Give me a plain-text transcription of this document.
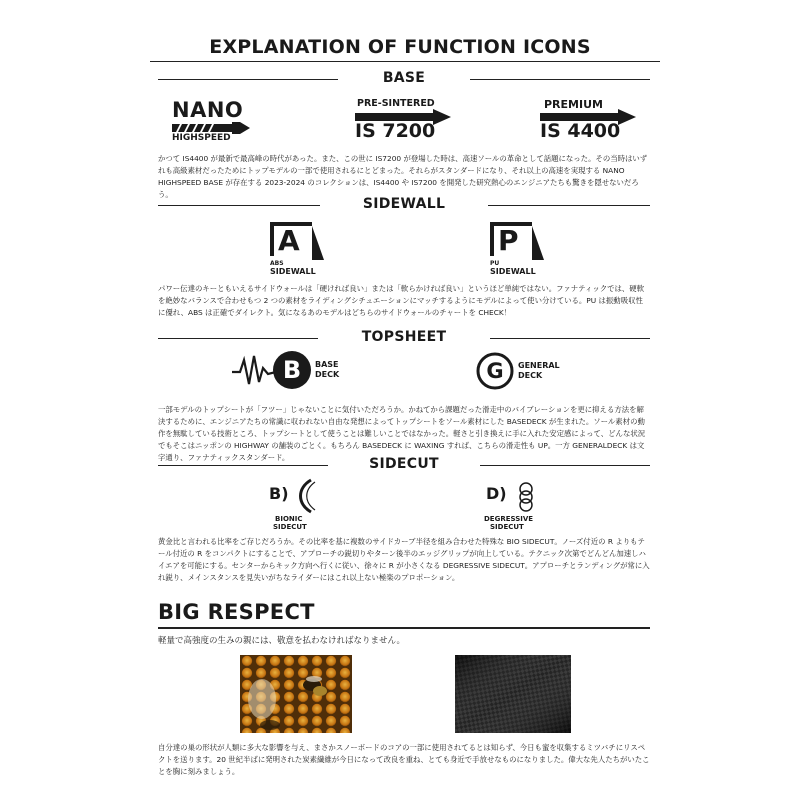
EXPLANATION OF FUNCTION ICONS
BASE
NANO
HIGHSPEED
PRE-SINTERED
IS 7200
PREMIUM
IS 4400
かつて IS4400 が最新で最高峰の時代があった。また、この世に IS7200 が登場した時は、高速ソールの革命として話題になった。その当時はいずれも高級素材だったためにトップモデルの一部で使用されるにとどまった。それらがスタンダードになり、それ以上の高速を実現する NANO HIGHSPEED BASE が存在する 2023-2024 のコレクションは、IS4400 や IS7200 を開発した研究熱心のエンジニアたちも驚きを隠せないだろう。
SIDEWALL
A
ABS
SIDEWALL
P
PU
SIDEWALL
パワー伝達のキーともいえるサイドウォールは「硬ければ良い」または「軟らかければ良い」というほど単純ではない。ファナティックでは、硬軟を絶妙なバランスで合わせもつ 2 つの素材をライディングシチュエーションにマッチするようにモデルによって使い分けている。PU は振動吸収性に優れ、ABS は正確でダイレクト。気になるあのモデルはどちらのサイドウォールのチャートを CHECK！
TOPSHEET
B	BASE
DECK	G	GENERAL
DECK
一部モデルのトップシートが「フツー」じゃないことに気付いただろうか。かねてから課題だった滑走中のバイブレーションを更に抑える方法を解決するために、エンジニアたちの常識に収われない自由な発想によってトップシートをソール素材にした BASEDECK が生まれた。ソール素材の動作を無駄している技術ところ、トップシートとして使うことは難しいことではなかった。軽さと引き換えに手に入れた安定感によって、どんな状況でもそこはニッポンの HIGHWAY の舗装のごとく。もちろん BASEDECK に WAXING すれば、こちらの滑走性も UP。一方 GENERALDECK は文字通り、ファナティックスタンダード。	SIDECUT
B)
BIONIC
SIDECUT
D)
DEGRESSIVE
SIDECUT
黄金比と言われる比率をご存じだろうか。その比率を基に複数のサイドカーブ半径を組み合わせた特殊な BIO SIDECUT。ノーズ付近の R よりもテール付近の R をコンパクトにすることで、アプローチの鋭切りやターン後半のエッジグリップが向上している。テクニック次第でどんどん加速しハイエアを可能にする。センターからキック方向へ行くに従い、徐々に R が小さくなる DEGRESSIVE SIDECUT。アプローチとランディングが常に入れ鋭り、メインスタンスを見失いがちなライダーにはこれ以上ない極楽のプロポーション。
BIG RESPECT
軽量で高強度の生みの親には、敬意を払わなければなりません。
自分達の巣の形状が人類に多大な影響を与え、まさかスノーボードのコアの一部に使用されてるとは知らず、今日も蜜を収集するミツバチにリスペクトを送ります。20 世紀半ばに発明された炭素繊維が今日になって改良を重ね、とても身近で手放せなものになりました。偉大な先人たちがいたことを胸に刻みましょう。
